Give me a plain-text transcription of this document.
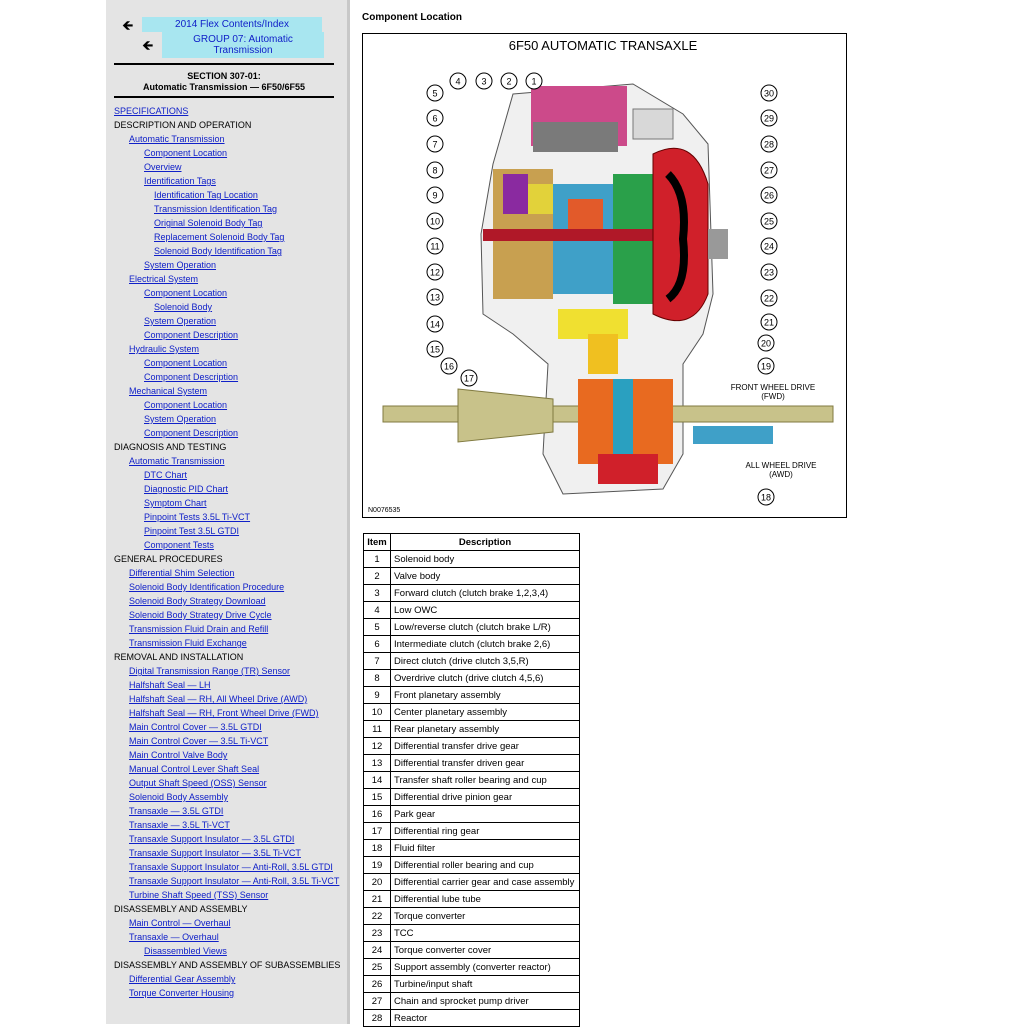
🡸	2014 Flex Contents/Index
🡸	GROUP 07: Automatic Transmission
SECTION 307-01:
Automatic Transmission — 6F50/6F55
SPECIFICATIONS
DESCRIPTION AND OPERATION
Automatic Transmission
Component Location
Overview
Identification Tags
Identification Tag Location
Transmission Identification Tag
Original Solenoid Body Tag
Replacement Solenoid Body Tag
Solenoid Body Identification Tag
System Operation
Electrical System
Component Location
Solenoid Body
System Operation
Component Description
Hydraulic System
Component Location
Component Description
Mechanical System
Component Location
System Operation
Component Description
DIAGNOSIS AND TESTING
Automatic Transmission
DTC Chart
Diagnostic PID Chart
Symptom Chart
Pinpoint Tests 3.5L Ti-VCT
Pinpoint Test 3.5L GTDI
Component Tests
GENERAL PROCEDURES
Differential Shim Selection
Solenoid Body Identification Procedure
Solenoid Body Strategy Download
Solenoid Body Strategy Drive Cycle
Transmission Fluid Drain and Refill
Transmission Fluid Exchange
REMOVAL AND INSTALLATION
Digital Transmission Range (TR) Sensor
Halfshaft Seal — LH
Halfshaft Seal — RH, All Wheel Drive (AWD)
Halfshaft Seal — RH, Front Wheel Drive (FWD)
Main Control Cover — 3.5L GTDI
Main Control Cover — 3.5L Ti-VCT
Main Control Valve Body
Manual Control Lever Shaft Seal
Output Shaft Speed (OSS) Sensor
Solenoid Body Assembly
Transaxle — 3.5L GTDI
Transaxle — 3.5L Ti-VCT
Transaxle Support Insulator — 3.5L GTDI
Transaxle Support Insulator — 3.5L Ti-VCT
Transaxle Support Insulator — Anti-Roll, 3.5L GTDI
Transaxle Support Insulator — Anti-Roll, 3.5L Ti-VCT
Turbine Shaft Speed (TSS) Sensor
DISASSEMBLY AND ASSEMBLY
Main Control — Overhaul
Transaxle — Overhaul
Disassembled Views
DISASSEMBLY AND ASSEMBLY OF SUBASSEMBLIES
Differential Gear Assembly
Torque Converter Housing
Component Location
6F50 AUTOMATIC TRANSAXLE
FRONT WHEEL DRIVE
(FWD)
ALL WHEEL DRIVE
(AWD)
N0076535
1
2
3
4
5
6
7
8
9
10
11
12
13
14
15
16
17
18
19
20
21
22
23
24
25
26
27
28
29
30
Item	Description
1	Solenoid body
2	Valve body
3	Forward clutch (clutch brake 1,2,3,4)
4	Low OWC
5	Low/reverse clutch (clutch brake L/R)
6	Intermediate clutch (clutch brake 2,6)
7	Direct clutch (drive clutch 3,5,R)
8	Overdrive clutch (drive clutch 4,5,6)
9	Front planetary assembly
10	Center planetary assembly
11	Rear planetary assembly
12	Differential transfer drive gear
13	Differential transfer driven gear
14	Transfer shaft roller bearing and cup
15	Differential drive pinion gear
16	Park gear
17	Differential ring gear
18	Fluid filter
19	Differential roller bearing and cup
20	Differential carrier gear and case assembly
21	Differential lube tube
22	Torque converter
23	TCC
24	Torque converter cover
25	Support assembly (converter reactor)
26	Turbine/input shaft
27	Chain and sprocket pump driver
28	Reactor
